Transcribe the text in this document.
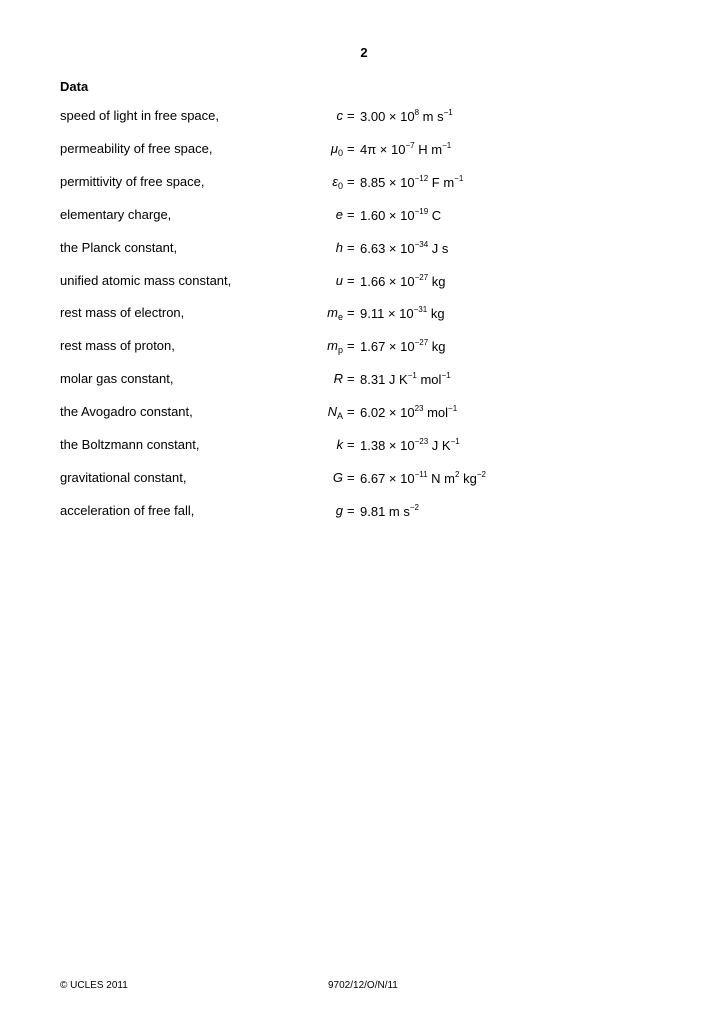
2
Data
speed of light in free space,	$c = 3.00 \times 10^8$ m $s^{-1}$
permeability of free space,	$\mu_0 = 4\pi \times 10^{-7}$ H $m^{-1}$
permittivity of free space,	$\varepsilon_0 = 8.85 \times 10^{-12}$ F $m^{-1}$
elementary charge,	$e = 1.60 \times 10^{-19}$ C
the Planck constant,	$h = 6.63 \times 10^{-34}$ J s
unified atomic mass constant,	$u = 1.66 \times 10^{-27}$ kg
rest mass of electron,	$m_e = 9.11 \times 10^{-31}$ kg
rest mass of proton,	$m_p = 1.67 \times 10^{-27}$ kg
molar gas constant,	R = 8.31 J $K^{-1}$ mol$^{-1}$
the Avogadro constant,	$N_A = 6.02 \times 10^{23}$ mol$^{-1}$
the Boltzmann constant,	$k = 1.38 \times 10^{-23}$ J $K^{-1}$
gravitational constant,	$G = 6.67 \times 10^{-11}$ N $m^2$ $kg^{-2}$
acceleration of free fall,	g = 9.81 m $s^{-2}$
© UCLES 2011	9702/12/O/N/11
